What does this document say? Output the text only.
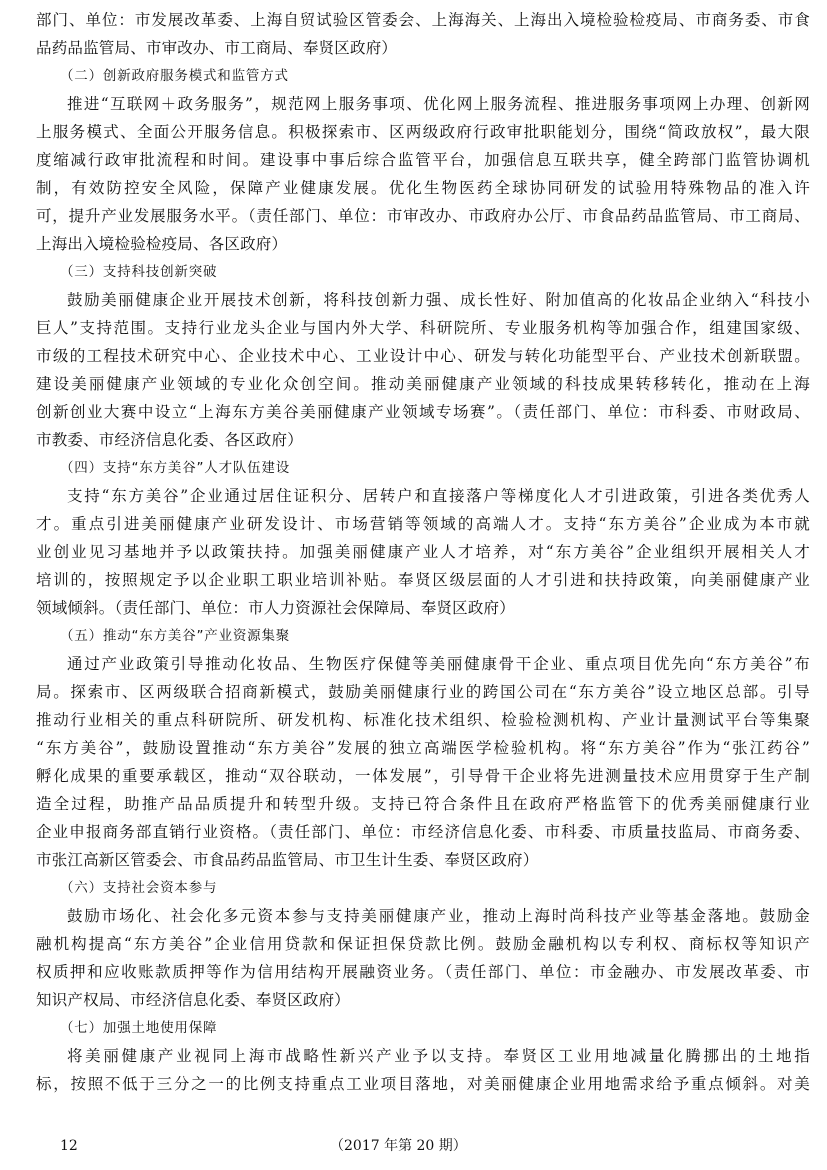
部门、单位：市发展改革委、上海自贸试验区管委会、上海海关、上海出入境检验检疫局、市商务委、市食
品药品监管局、市审改办、市工商局、奉贤区政府）
（二）创新政府服务模式和监管方式
推进“互联网＋政务服务”，规范网上服务事项、优化网上服务流程、推进服务事项网上办理、创新网
上服务模式、全面公开服务信息。积极探索市、区两级政府行政审批职能划分，围绕“简政放权”，最大限
度缩减行政审批流程和时间。建设事中事后综合监管平台，加强信息互联共享，健全跨部门监管协调机
制，有效防控安全风险，保障产业健康发展。优化生物医药全球协同研发的试验用特殊物品的准入许
可，提升产业发展服务水平。（责任部门、单位：市审改办、市政府办公厅、市食品药品监管局、市工商局、
上海出入境检验检疫局、各区政府）
（三）支持科技创新突破
鼓励美丽健康企业开展技术创新，将科技创新力强、成长性好、附加值高的化妆品企业纳入“科技小
巨人”支持范围。支持行业龙头企业与国内外大学、科研院所、专业服务机构等加强合作，组建国家级、
市级的工程技术研究中心、企业技术中心、工业设计中心、研发与转化功能型平台、产业技术创新联盟。
建设美丽健康产业领域的专业化众创空间。推动美丽健康产业领域的科技成果转移转化，推动在上海
创新创业大赛中设立“上海东方美谷美丽健康产业领域专场赛”。（责任部门、单位：市科委、市财政局、
市教委、市经济信息化委、各区政府）
（四）支持“东方美谷”人才队伍建设
支持“东方美谷”企业通过居住证积分、居转户和直接落户等梯度化人才引进政策，引进各类优秀人
才。重点引进美丽健康产业研发设计、市场营销等领域的高端人才。支持“东方美谷”企业成为本市就
业创业见习基地并予以政策扶持。加强美丽健康产业人才培养，对“东方美谷”企业组织开展相关人才
培训的，按照规定予以企业职工职业培训补贴。奉贤区级层面的人才引进和扶持政策，向美丽健康产业
领域倾斜。（责任部门、单位：市人力资源社会保障局、奉贤区政府）
（五）推动“东方美谷”产业资源集聚
通过产业政策引导推动化妆品、生物医疗保健等美丽健康骨干企业、重点项目优先向“东方美谷”布
局。探索市、区两级联合招商新模式，鼓励美丽健康行业的跨国公司在“东方美谷”设立地区总部。引导
推动行业相关的重点科研院所、研发机构、标准化技术组织、检验检测机构、产业计量测试平台等集聚
“东方美谷”，鼓励设置推动“东方美谷”发展的独立高端医学检验机构。将“东方美谷”作为“张江药谷”
孵化成果的重要承载区，推动“双谷联动，一体发展”，引导骨干企业将先进测量技术应用贯穿于生产制
造全过程，助推产品品质提升和转型升级。支持已符合条件且在政府严格监管下的优秀美丽健康行业
企业申报商务部直销行业资格。（责任部门、单位：市经济信息化委、市科委、市质量技监局、市商务委、
市张江高新区管委会、市食品药品监管局、市卫生计生委、奉贤区政府）
（六）支持社会资本参与
鼓励市场化、社会化多元资本参与支持美丽健康产业，推动上海时尚科技产业等基金落地。鼓励金
融机构提高“东方美谷”企业信用贷款和保证担保贷款比例。鼓励金融机构以专利权、商标权等知识产
权质押和应收账款质押等作为信用结构开展融资业务。（责任部门、单位：市金融办、市发展改革委、市
知识产权局、市经济信息化委、奉贤区政府）
（七）加强土地使用保障
将美丽健康产业视同上海市战略性新兴产业予以支持。奉贤区工业用地减量化腾挪出的土地指
标，按照不低于三分之一的比例支持重点工业项目落地，对美丽健康企业用地需求给予重点倾斜。对美
12	（2017 年第 20 期）
